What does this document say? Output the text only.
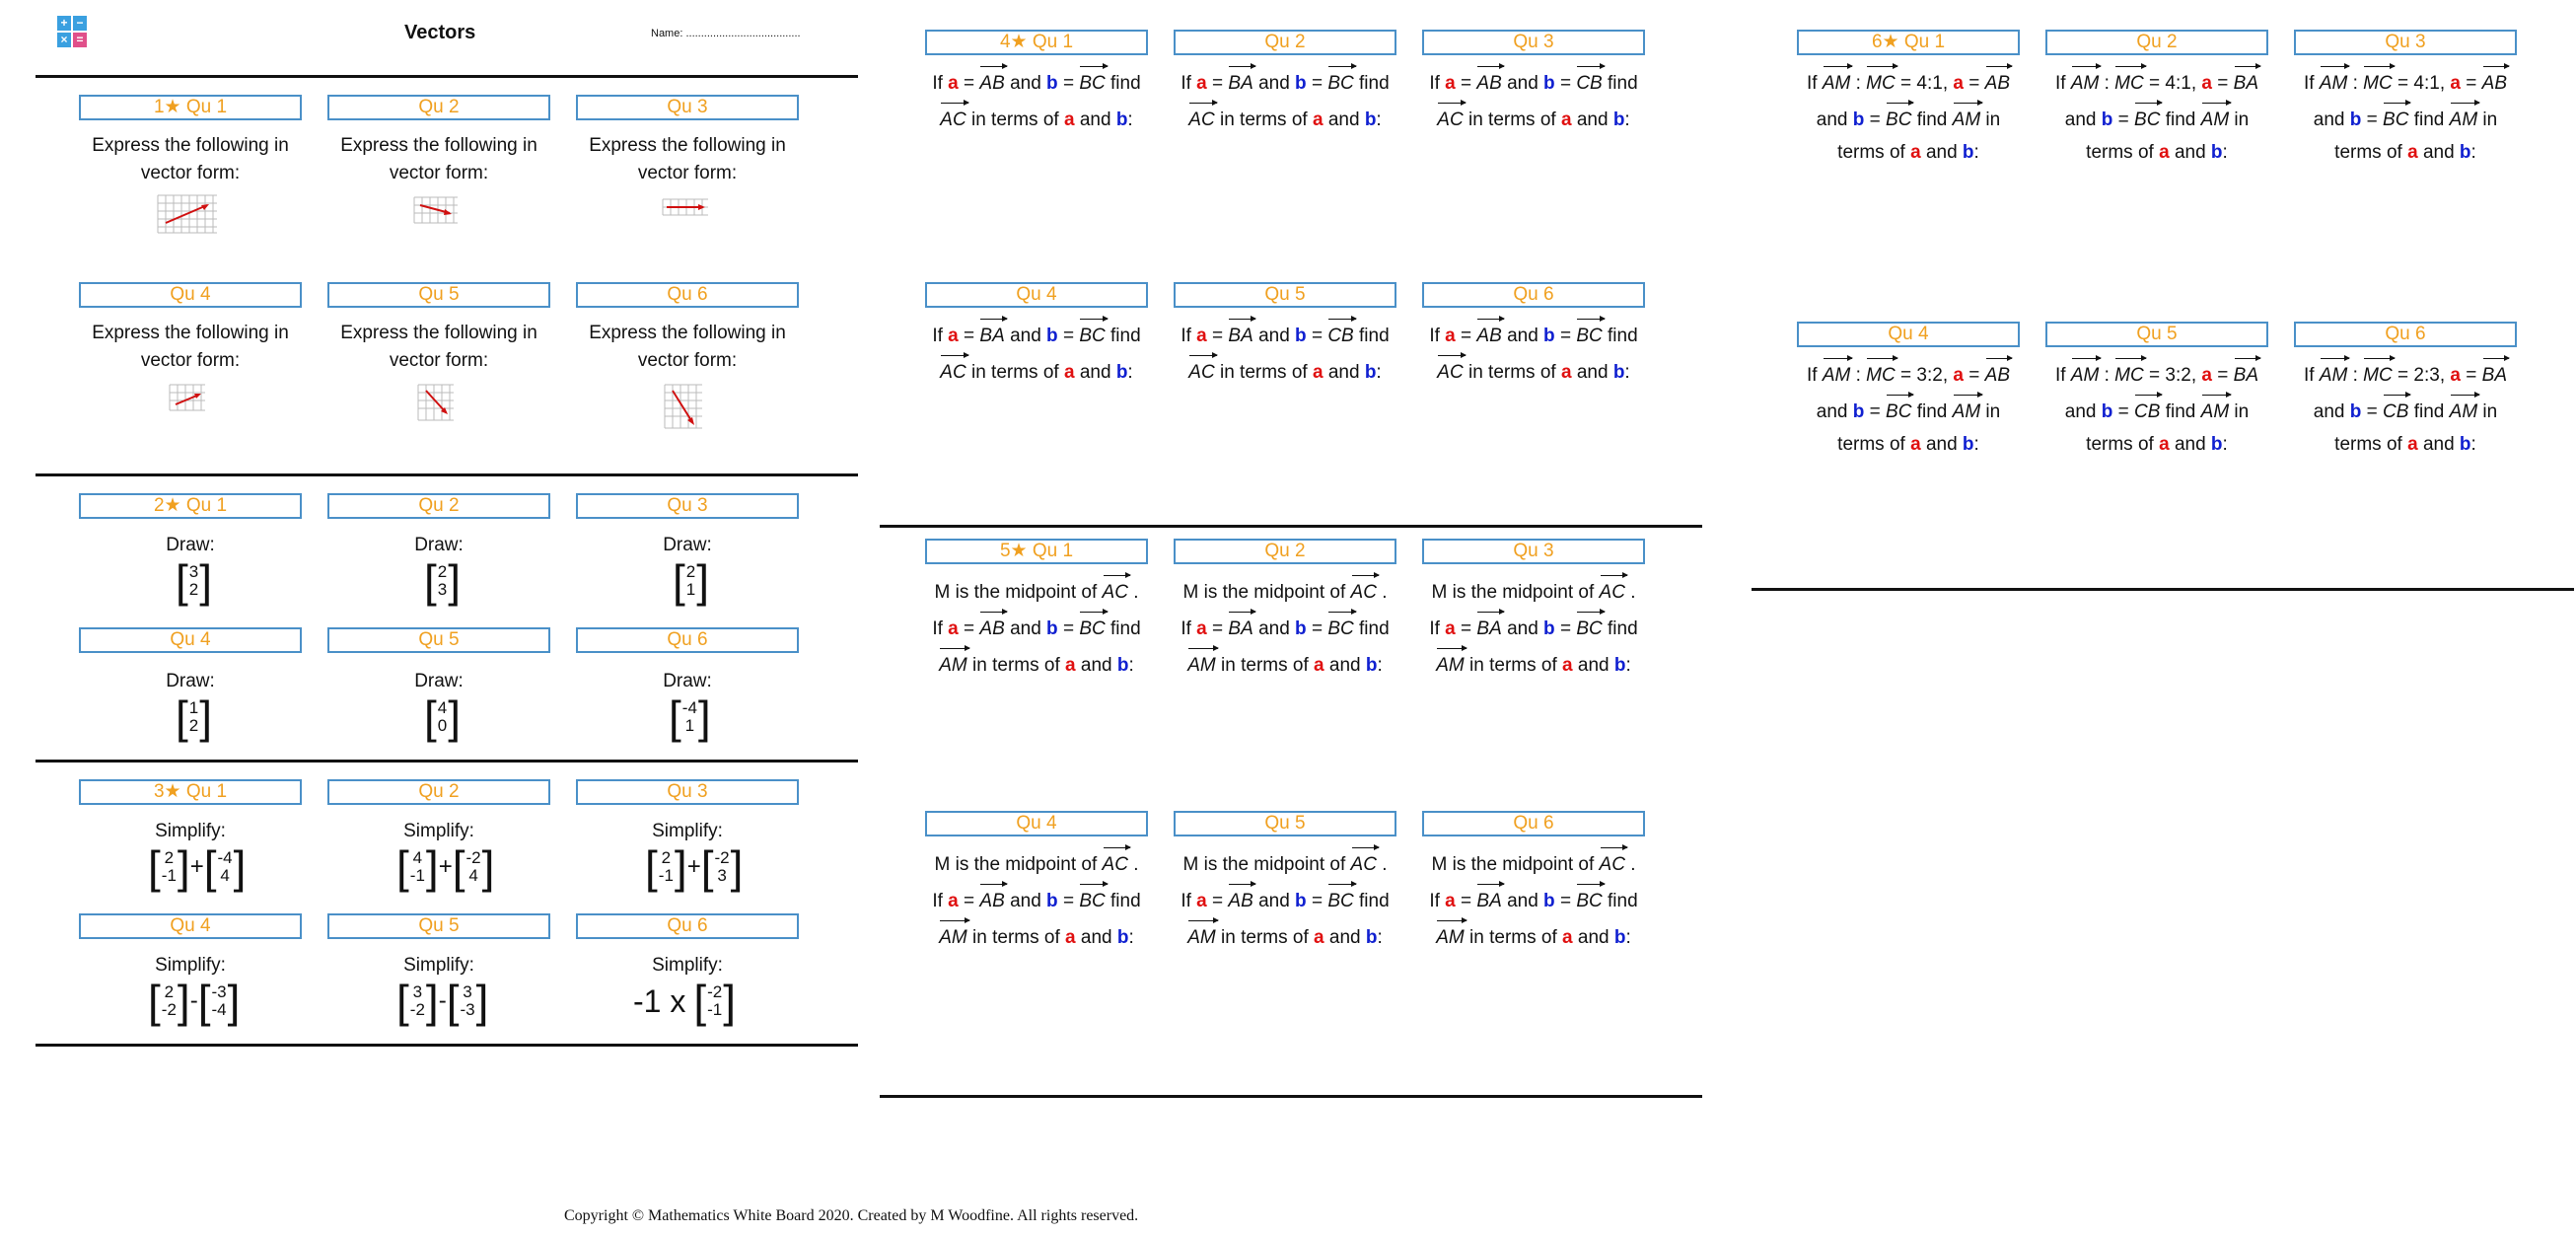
+ −
× =	Vectors	Name: ......................................
1★ Qu 1	Qu 2	Qu 3
Express the following in vector form:
Express the following in vector form:
Express the following in vector form:
Qu 4	Qu 5	Qu 6
Express the following in vector form:
Express the following in vector form:
Express the following in vector form:
2★ Qu 1	Qu 2	Qu 3
Draw:	Draw:	Draw:
[ 3
2 ]	[ 2
3 ]	[ 2
1 ]
Qu 4	Qu 5	Qu 6
Draw:	Draw:	Draw:
[ 1
2 ]	[ 4
0 ]	[ -4
1 ]
3★ Qu 1	Qu 2	Qu 3
Simplify:	Simplify:	Simplify:
[ 2
-1 ] + [ -4
4 ]	[ 4
-1 ] + [ -2
4 ]	[ 2
-1 ] + [ -2
3 ]
Qu 4	Qu 5	Qu 6
Simplify:	Simplify:	Simplify:
[ 2
-2 ] - [ -3
-4 ]	[ 3
-2 ] - [ 3
-3 ]	-1 x [ -2
-1 ]
4★ Qu 1
If a = AB and b = BC find
AC in terms of a and b:
Qu 2
If a = BA and b = BC find
AC in terms of a and b:
Qu 3
If a = AB and b = CB find
AC in terms of a and b:
Qu 4
If a = BA and b = BC find
AC in terms of a and b:
Qu 5
If a = BA and b = CB find
AC in terms of a and b:
Qu 6
If a = AB and b = BC find
AC in terms of a and b:
5★ Qu 1
M is the midpoint of AC .
If a = AB and b = BC find
AM in terms of a and b:
Qu 2
M is the midpoint of AC .
If a = BA and b = BC find
AM in terms of a and b:
Qu 3
M is the midpoint of AC .
If a = BA and b = BC find
AM in terms of a and b:
Qu 4
M is the midpoint of AC .
If a = AB and b = BC find
AM in terms of a and b:
Qu 5
M is the midpoint of AC .
If a = AB and b = BC find
AM in terms of a and b:
Qu 6
M is the midpoint of AC .
If a = BA and b = BC find
AM in terms of a and b:
6★ Qu 1
If AM : MC = 4:1, a = AB
and b = BC find AM in
terms of a and b:
Qu 2
If AM : MC = 4:1, a = BA
and b = BC find AM in
terms of a and b:
Qu 3
If AM : MC = 4:1, a = AB
and b = BC find AM in
terms of a and b:
Qu 4
If AM : MC = 3:2, a = AB
and b = BC find AM in
terms of a and b:
Qu 5
If AM : MC = 3:2, a = BA
and b = CB find AM in
terms of a and b:
Qu 6
If AM : MC = 2:3, a = BA
and b = CB find AM in
terms of a and b:
Copyright © Mathematics White Board 2020. Created by M Woodfine. All rights reserved.
